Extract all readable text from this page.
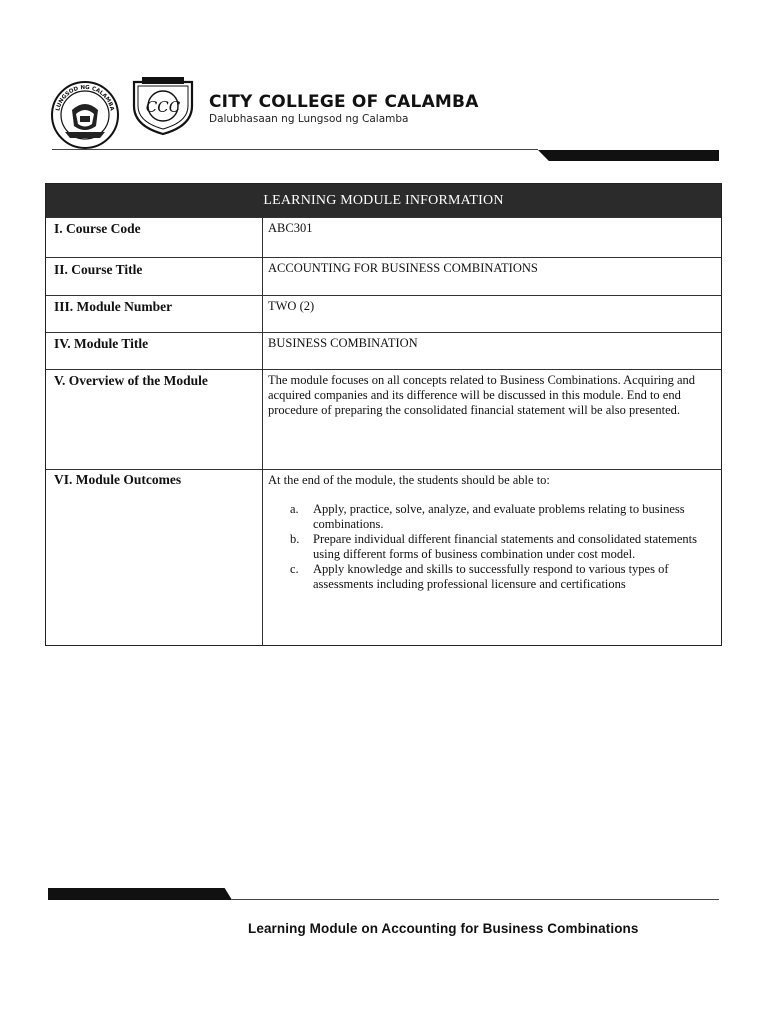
LUNGSOD NG CALAMBA CCC CITY COLLEGE OF CALAMBA
Dalubhasaan ng Lungsod ng Calamba
LEARNING MODULE INFORMATION
I. Course Code	ABC301
II. Course Title	ACCOUNTING FOR BUSINESS COMBINATIONS
III. Module Number	TWO (2)
IV. Module Title	BUSINESS COMBINATION
V. Overview of the Module	The module focuses on all concepts related to Business Combinations. Acquiring and acquired companies and its difference will be discussed in this module. End to end procedure of preparing the consolidated financial statement will be also presented.
VI. Module Outcomes	At the end of the module, the students should be able to:

a. Apply, practice, solve, analyze, and evaluate problems relating to business combinations.
b. Prepare individual different financial statements and consolidated statements using different forms of business combination under cost model.
c. Apply knowledge and skills to successfully respond to various types of assessments including professional licensure and certifications
Learning Module on Accounting for Business Combinations
